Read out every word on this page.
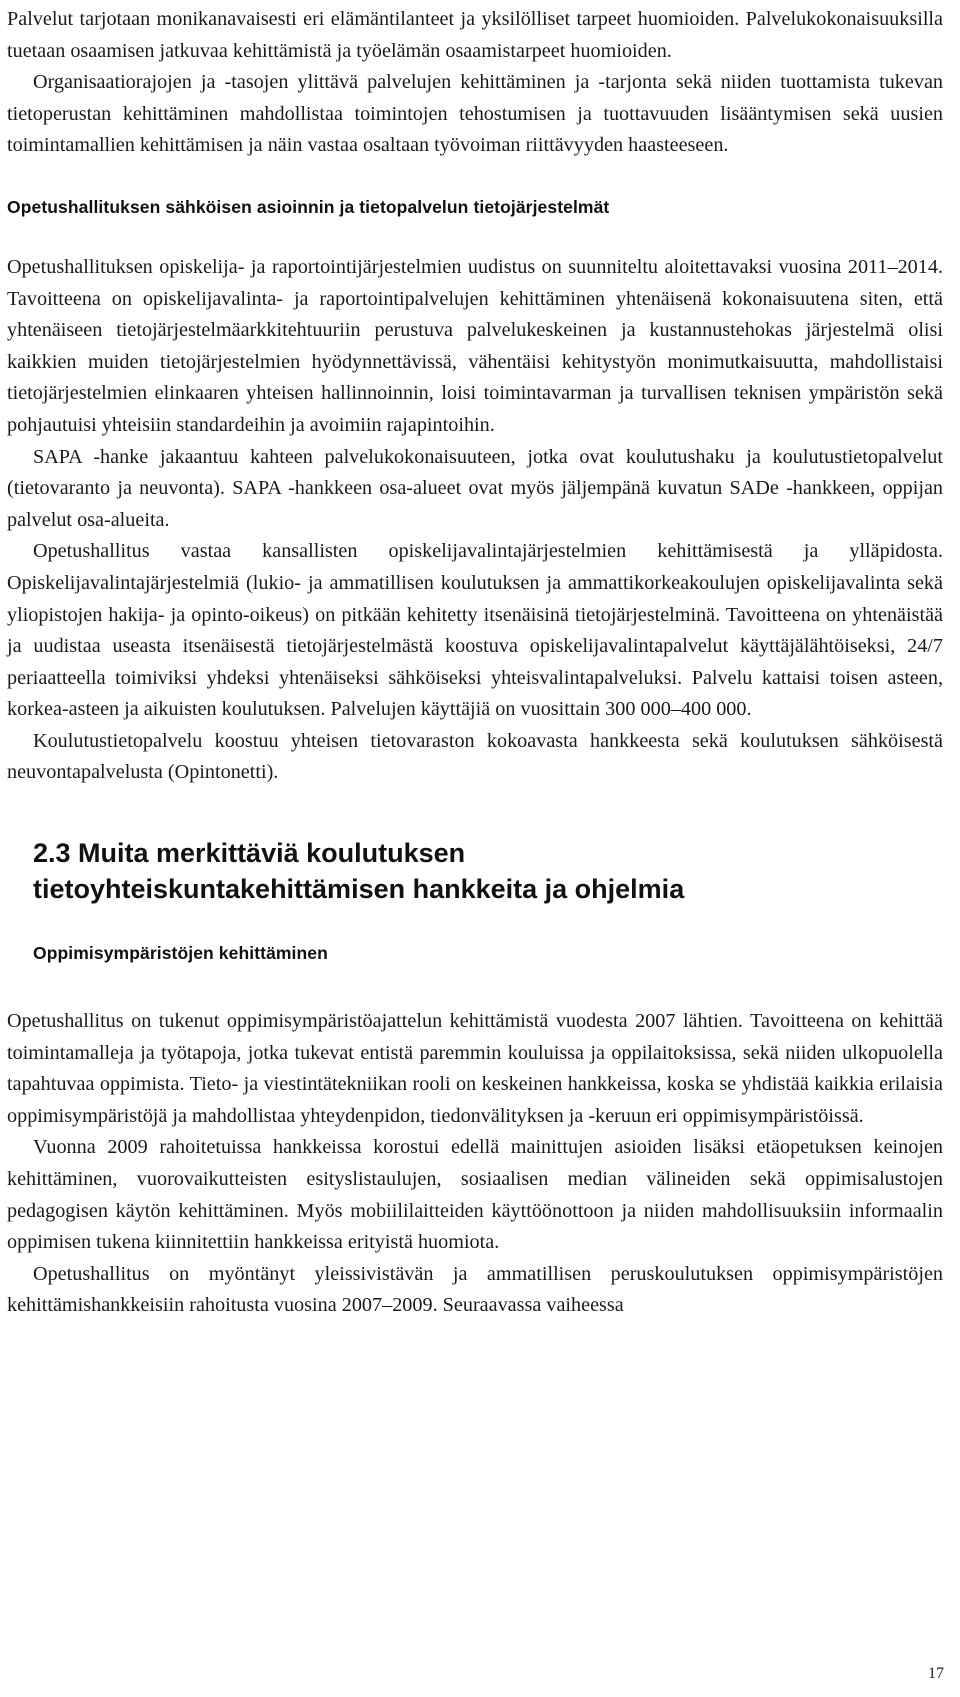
Palvelut tarjotaan monikanavaisesti eri elämäntilanteet ja yksilölliset tarpeet huomioiden. Palvelukokonaisuuksilla tuetaan osaamisen jatkuvaa kehittämistä ja työelämän osaamistarpeet huomioiden.

Organisaatiorajojen ja -tasojen ylittävä palvelujen kehittäminen ja -tarjonta sekä niiden tuottamista tukevan tietoperustan kehittäminen mahdollistaa toimintojen tehostumisen ja tuottavuuden lisääntymisen sekä uusien toimintamallien kehittämisen ja näin vastaa osaltaan työvoiman riittävyyden haasteeseen.

Opetushallituksen sähköisen asioinnin ja tietopalvelun tietojärjestelmät

Opetushallituksen opiskelija- ja raportointijärjestelmien uudistus on suunniteltu aloitettavaksi vuosina 2011–2014. Tavoitteena on opiskelijavalinta- ja raportointipalvelujen kehittäminen yhtenäisenä kokonaisuutena siten, että yhtenäiseen tietojärjestelmäarkkitehtuuriin perustuva palvelukeskeinen ja kustannustehokas järjestelmä olisi kaikkien muiden tietojärjestelmien hyödynnettävissä, vähentäisi kehitystyön monimutkaisuutta, mahdollistaisi tietojärjestelmien elinkaaren yhteisen hallinnoinnin, loisi toimintavarman ja turvallisen teknisen ympäristön sekä pohjautuisi yhteisiin standardeihin ja avoimiin rajapintoihin.

SAPA -hanke jakaantuu kahteen palvelukokonaisuuteen, jotka ovat koulutushaku ja koulutustietopalvelut (tietovaranto ja neuvonta). SAPA -hankkeen osa-alueet ovat myös jäljempänä kuvatun SADe -hankkeen, oppijan palvelut osa-alueita.

Opetushallitus vastaa kansallisten opiskelijavalintajärjestelmien kehittämisestä ja ylläpidosta. Opiskelijavalintajärjestelmiä (lukio- ja ammatillisen koulutuksen ja ammattikorkeakoulujen opiskelijavalinta sekä yliopistojen hakija- ja opinto-oikeus) on pitkään kehitetty itsenäisinä tietojärjestelminä. Tavoitteena on yhtenäistää ja uudistaa useasta itsenäisestä tietojärjestelmästä koostuva opiskelijavalintapalvelut käyttäjälähtöiseksi, 24/7 periaatteella toimiviksi yhdeksi yhtenäiseksi sähköiseksi yhteisvalintapalveluksi. Palvelu kattaisi toisen asteen, korkea-asteen ja aikuisten koulutuksen. Palvelujen käyttäjiä on vuosittain 300 000–400 000.

Koulutustietopalvelu koostuu yhteisen tietovaraston kokoavasta hankkeesta sekä koulutuksen sähköisestä neuvontapalvelusta (Opintonetti).

2.3 Muita merkittäviä koulutuksen
tietoyhteiskuntakehittämisen hankkeita ja ohjelmia
Oppimisympäristöjen kehittäminen

Opetushallitus on tukenut oppimisympäristöajattelun kehittämistä vuodesta 2007 lähtien. Tavoitteena on kehittää toimintamalleja ja työtapoja, jotka tukevat entistä paremmin kouluissa ja oppilaitoksissa, sekä niiden ulkopuolella tapahtuvaa oppimista. Tieto- ja viestintätekniikan rooli on keskeinen hankkeissa, koska se yhdistää kaikkia erilaisia oppimisympäristöjä ja mahdollistaa yhteydenpidon, tiedonvälityksen ja -keruun eri oppimisympäristöissä.

Vuonna 2009 rahoitetuissa hankkeissa korostui edellä mainittujen asioiden lisäksi etäopetuksen keinojen kehittäminen, vuorovaikutteisten esityslistaulujen, sosiaalisen median välineiden sekä oppimisalustojen pedagogisen käytön kehittäminen. Myös mobiililaitteiden käyttöönottoon ja niiden mahdollisuuksiin informaalin oppimisen tukena kiinnitettiin hankkeissa erityistä huomiota.

Opetushallitus on myöntänyt yleissivistävän ja ammatillisen peruskoulutuksen oppimisympäristöjen kehittämishankkeisiin rahoitusta vuosina 2007–2009. Seuraavassa vaiheessa

17
